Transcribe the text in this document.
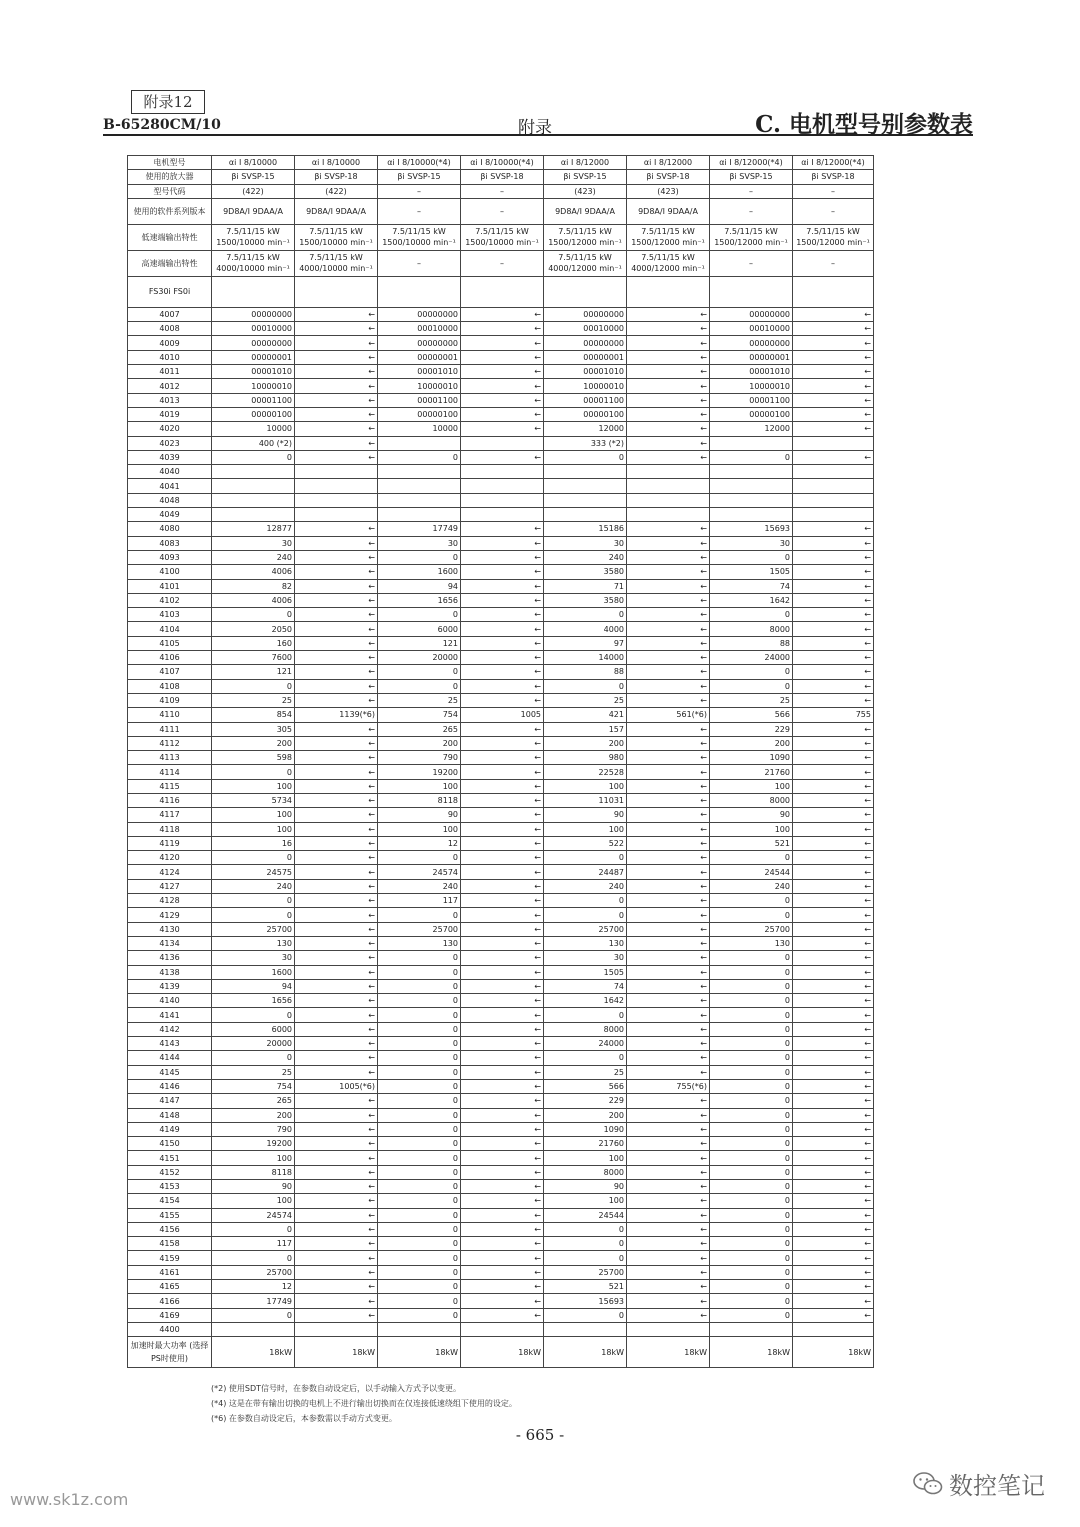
附录12
B-65280CM/10	附录	C. 电机型号别参数表
电机型号	αi I 8/10000	αi I 8/10000	αi I 8/10000(*4)	αi I 8/10000(*4)	αi I 8/12000	αi I 8/12000	αi I 8/12000(*4)	αi I 8/12000(*4)
使用的放大器	βi SVSP-15	βi SVSP-18	βi SVSP-15	βi SVSP-18	βi SVSP-15	βi SVSP-18	βi SVSP-15	βi SVSP-18
型号代码	(422)	(422)	–	–	(423)	(423)	–	–
使用的软件系列版本	9D8A/I 9DAA/A	9D8A/I 9DAA/A	–	–	9D8A/I 9DAA/A	9D8A/I 9DAA/A	–	–
低速端输出特性	7.5/11/15 kW 1500/10000 min⁻¹	7.5/11/15 kW 1500/10000 min⁻¹	7.5/11/15 kW 1500/10000 min⁻¹	7.5/11/15 kW 1500/10000 min⁻¹	7.5/11/15 kW 1500/12000 min⁻¹	7.5/11/15 kW 1500/12000 min⁻¹	7.5/11/15 kW 1500/12000 min⁻¹	7.5/11/15 kW 1500/12000 min⁻¹
高速端输出特性	7.5/11/15 kW 4000/10000 min⁻¹	7.5/11/15 kW 4000/10000 min⁻¹	–	–	7.5/11/15 kW 4000/12000 min⁻¹	7.5/11/15 kW 4000/12000 min⁻¹	–	–
FS30i FS0i								
4007	00000000	←	00000000	←	00000000	←	00000000	←
4008	00010000	←	00010000	←	00010000	←	00010000	←
4009	00000000	←	00000000	←	00000000	←	00000000	←
4010	00000001	←	00000001	←	00000001	←	00000001	←
4011	00001010	←	00001010	←	00001010	←	00001010	←
4012	10000010	←	10000010	←	10000010	←	10000010	←
4013	00001100	←	00001100	←	00001100	←	00001100	←
4019	00000100	←	00000100	←	00000100	←	00000100	←
4020	10000	←	10000	←	12000	←	12000	←
4023	400 (*2)	←			333 (*2)	←		
4039	0	←	0	←	0	←	0	←
4040								
4041								
4048								
4049								
4080	12877	←	17749	←	15186	←	15693	←
4083	30	←	30	←	30	←	30	←
4093	240	←	0	←	240	←	0	←
4100	4006	←	1600	←	3580	←	1505	←
4101	82	←	94	←	71	←	74	←
4102	4006	←	1656	←	3580	←	1642	←
4103	0	←	0	←	0	←	0	←
4104	2050	←	6000	←	4000	←	8000	←
4105	160	←	121	←	97	←	88	←
4106	7600	←	20000	←	14000	←	24000	←
4107	121	←	0	←	88	←	0	←
4108	0	←	0	←	0	←	0	←
4109	25	←	25	←	25	←	25	←
4110	854	1139(*6)	754	1005	421	561(*6)	566	755
4111	305	←	265	←	157	←	229	←
4112	200	←	200	←	200	←	200	←
4113	598	←	790	←	980	←	1090	←
4114	0	←	19200	←	22528	←	21760	←
4115	100	←	100	←	100	←	100	←
4116	5734	←	8118	←	11031	←	8000	←
4117	100	←	90	←	90	←	90	←
4118	100	←	100	←	100	←	100	←
4119	16	←	12	←	522	←	521	←
4120	0	←	0	←	0	←	0	←
4124	24575	←	24574	←	24487	←	24544	←
4127	240	←	240	←	240	←	240	←
4128	0	←	117	←	0	←	0	←
4129	0	←	0	←	0	←	0	←
4130	25700	←	25700	←	25700	←	25700	←
4134	130	←	130	←	130	←	130	←
4136	30	←	0	←	30	←	0	←
4138	1600	←	0	←	1505	←	0	←
4139	94	←	0	←	74	←	0	←
4140	1656	←	0	←	1642	←	0	←
4141	0	←	0	←	0	←	0	←
4142	6000	←	0	←	8000	←	0	←
4143	20000	←	0	←	24000	←	0	←
4144	0	←	0	←	0	←	0	←
4145	25	←	0	←	25	←	0	←
4146	754	1005(*6)	0	←	566	755(*6)	0	←
4147	265	←	0	←	229	←	0	←
4148	200	←	0	←	200	←	0	←
4149	790	←	0	←	1090	←	0	←
4150	19200	←	0	←	21760	←	0	←
4151	100	←	0	←	100	←	0	←
4152	8118	←	0	←	8000	←	0	←
4153	90	←	0	←	90	←	0	←
4154	100	←	0	←	100	←	0	←
4155	24574	←	0	←	24544	←	0	←
4156	0	←	0	←	0	←	0	←
4158	117	←	0	←	0	←	0	←
4159	0	←	0	←	0	←	0	←
4161	25700	←	0	←	25700	←	0	←
4165	12	←	0	←	521	←	0	←
4166	17749	←	0	←	15693	←	0	←
4169	0	←	0	←	0	←	0	←
4400								
加速时最大功率 (选择PS时使用)	18kW	18kW	18kW	18kW	18kW	18kW	18kW	18kW
(*2) 使用SDT信号时，在参数自动设定后，以手动输入方式予以变更。
(*4) 这是在带有输出切换的电机上不进行输出切换而在仅连接低速绕组下使用的设定。
(*6) 在参数自动设定后，本参数需以手动方式变更。
- 665 -
www.sk1z.com	数控笔记
